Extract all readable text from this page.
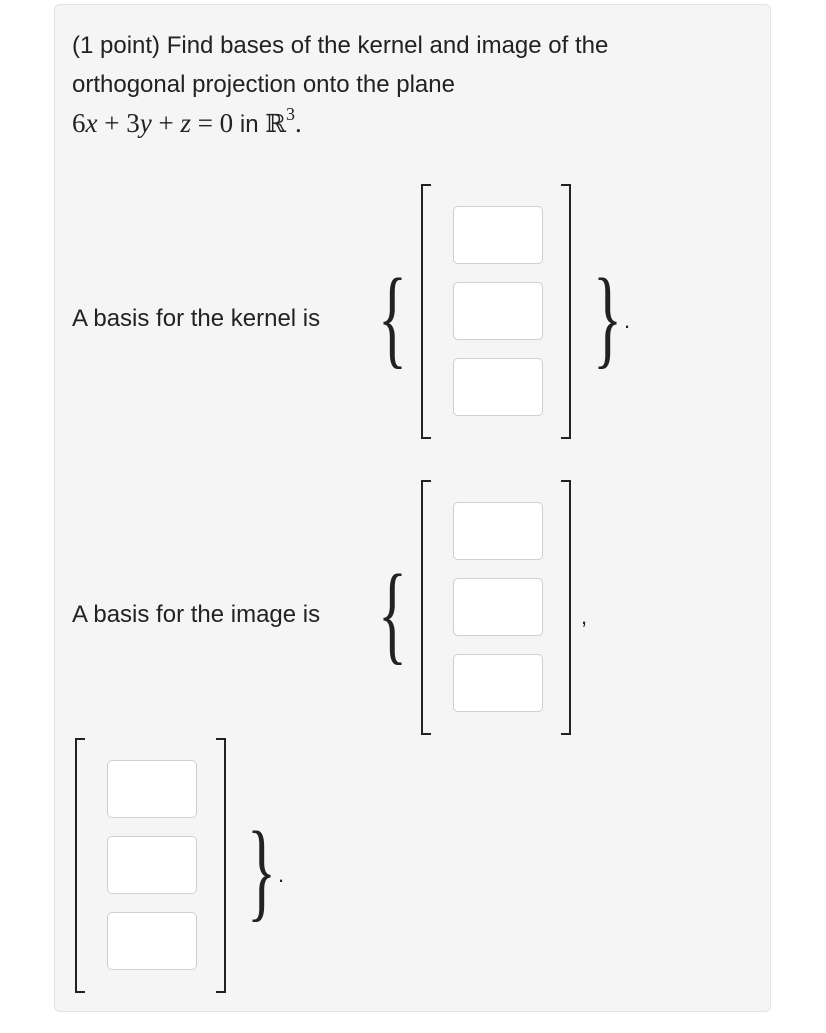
(1 point) Find bases of the kernel and image of the
orthogonal projection onto the plane
6x + 3y + z = 0 in ℝ$^3$.
A basis for the kernel is { } .
A basis for the image is {	,
} .
